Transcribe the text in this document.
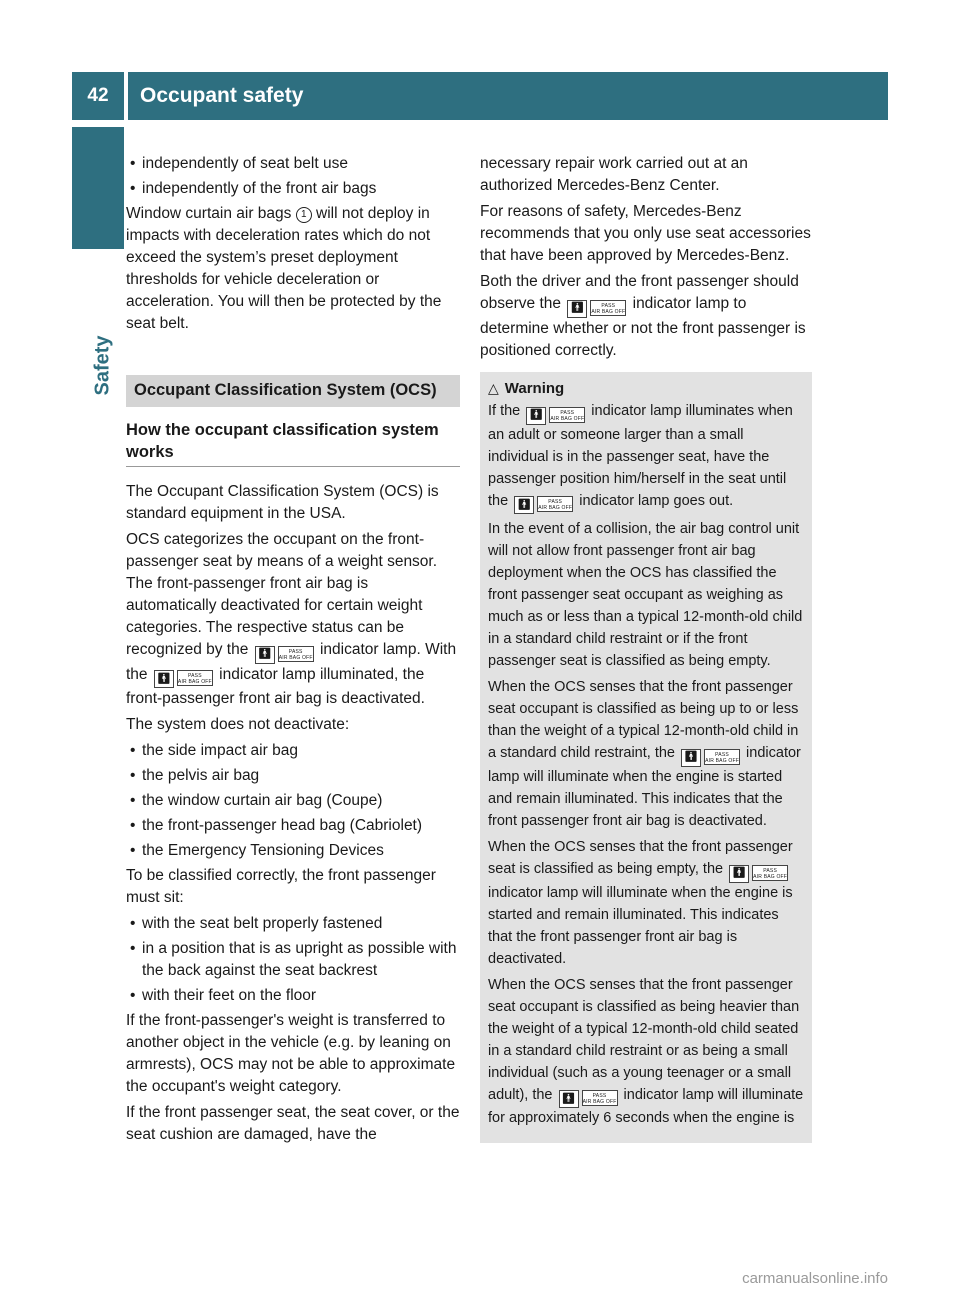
42	Occupant safety
Safety
• independently of seat belt use
• independently of the front air bags

Window curtain air bags 1 will not deploy in impacts with deceleration rates which do not exceed the system’s preset deployment thresholds for vehicle deceleration or acceleration. You will then be protected by the seat belt.

Occupant Classification System (OCS)
How the occupant classification system works

The Occupant Classification System (OCS) is standard equipment in the USA.

OCS categorizes the occupant on the front-passenger seat by means of a weight sensor. The front-passenger front air bag is automatically deactivated for certain weight categories. The respective status can be recognized by the 🚹︎	PASS
AIR BAG OFF indicator lamp. With the 🚹︎	PASS
AIR BAG OFF indicator lamp illuminated, the front-passenger front air bag is deactivated.

The system does not deactivate:

• the side impact air bag
• the pelvis air bag
• the window curtain air bag (Coupe)
• the front-passenger head bag (Cabriolet)
• the Emergency Tensioning Devices

To be classified correctly, the front passenger must sit:

• with the seat belt properly fastened
• in a position that is as upright as possible with the back against the seat backrest
• with their feet on the floor

If the front-passenger's weight is transferred to another object in the vehicle (e.g. by leaning on armrests), OCS may not be able to approximate the occupant's weight category.

If the front passenger seat, the seat cover, or the seat cushion are damaged, have the

necessary repair work carried out at an authorized Mercedes-Benz Center.

For reasons of safety, Mercedes-Benz recommends that you only use seat accessories that have been approved by Mercedes-Benz.

Both the driver and the front passenger should observe the 🚹︎	PASS
AIR BAG OFF indicator lamp to determine whether or not the front passenger is positioned correctly.

△ Warning

If the 🚹︎	PASS
AIR BAG OFF indicator lamp illuminates when an adult or someone larger than a small individual is in the passenger seat, have the passenger position him/herself in the seat until the 🚹︎	PASS
AIR BAG OFF indicator lamp goes out.

In the event of a collision, the air bag control unit will not allow front passenger front air bag deployment when the OCS has classified the front passenger seat occupant as weighing as much as or less than a typical 12-month-old child in a standard child restraint or if the front passenger seat is classified as being empty.

When the OCS senses that the front passenger seat occupant is classified as being up to or less than the weight of a typical 12-month-old child in a standard child restraint, the 🚹︎	PASS
AIR BAG OFF indicator lamp will illuminate when the engine is started and remain illuminated. This indicates that the front passenger front air bag is deactivated.

When the OCS senses that the front passenger seat is classified as being empty, the 🚹︎	PASS
AIR BAG OFF
indicator lamp will illuminate when the engine is started and remain illuminated. This indicates that the front passenger front air bag is deactivated.

When the OCS senses that the front passenger seat occupant is classified as being heavier than the weight of a typical 12-month-old child seated in a standard child restraint or as being a small individual (such as a young teenager or a small adult), the 🚹︎	PASS
AIR BAG OFF indicator lamp will illuminate for approximately 6 seconds when the engine is

carmanualsonline.info
